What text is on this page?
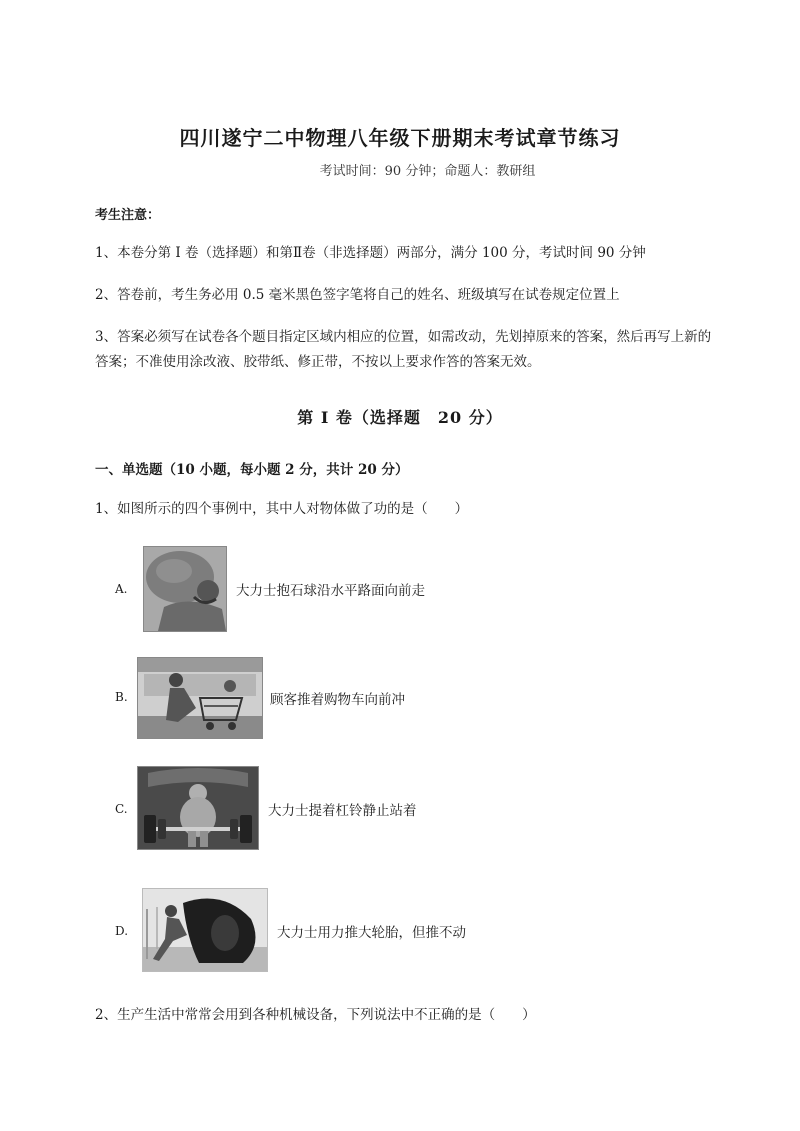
四川遂宁二中物理八年级下册期末考试章节练习
考试时间：90 分钟；命题人：教研组
考生注意：
1、本卷分第 I 卷（选择题）和第Ⅱ卷（非选择题）两部分，满分 100 分，考试时间 90 分钟
2、答卷前，考生务必用 0.5 毫米黑色签字笔将自己的姓名、班级填写在试卷规定位置上
3、答案必须写在试卷各个题目指定区域内相应的位置，如需改动，先划掉原来的答案，然后再写上新的答案；不准使用涂改液、胶带纸、修正带，不按以上要求作答的答案无效。
第 I 卷（选择题　20 分）
一、单选题（10 小题，每小题 2 分，共计 20 分）
1、如图所示的四个事例中，其中人对物体做了功的是（　　）
A.	大力士抱石球沿水平路面向前走
B.	顾客推着购物车向前冲
C.	大力士提着杠铃静止站着
D.	大力士用力推大轮胎，但推不动
2、生产生活中常常会用到各种机械设备，下列说法中不正确的是（　　）
